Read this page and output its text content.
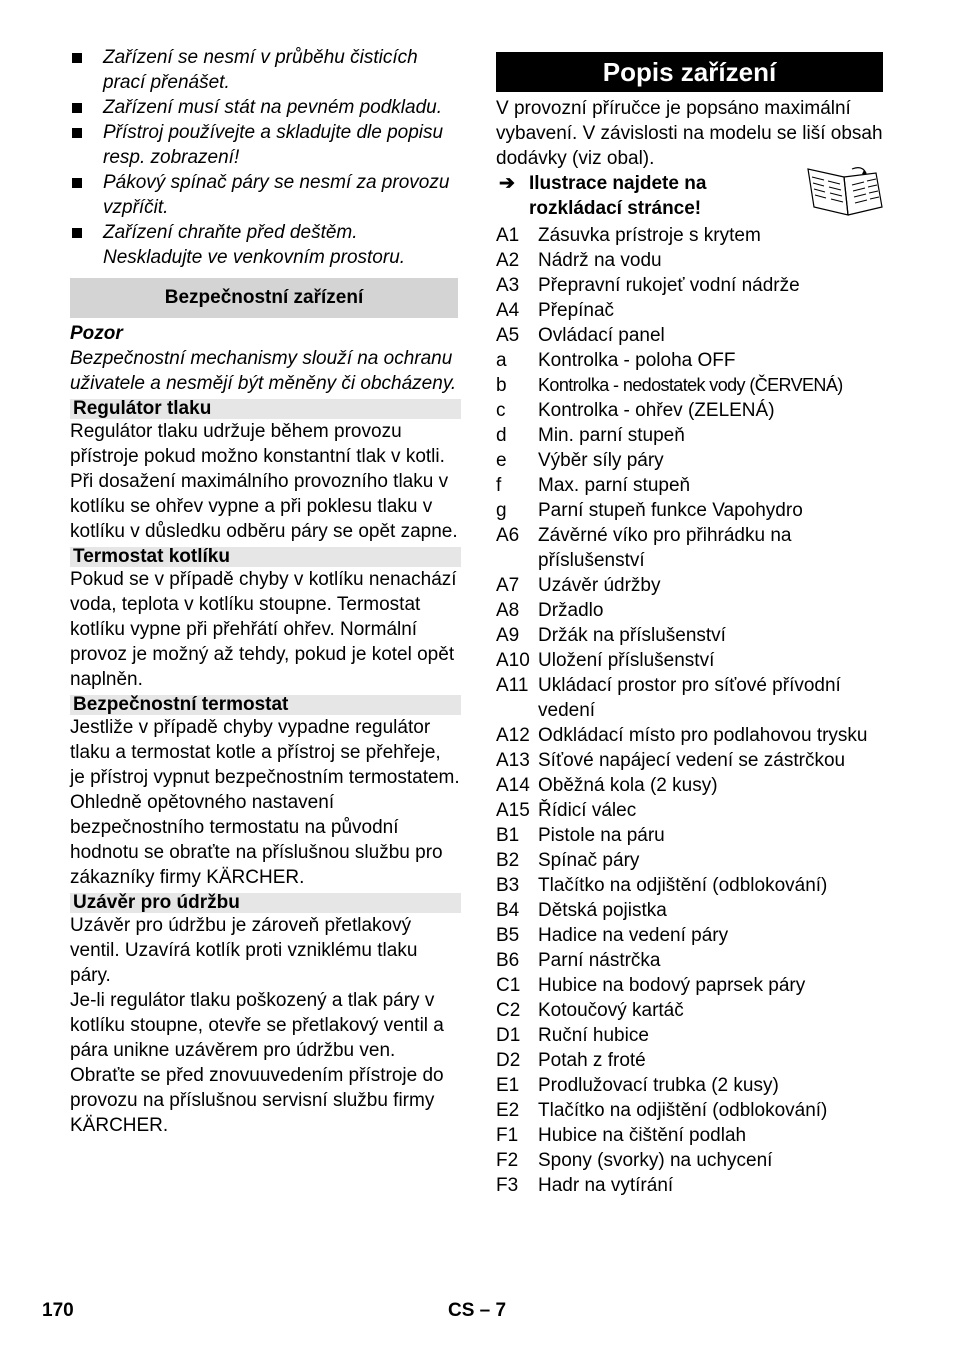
Zařízení se nesmí v průběhu čisticích prací přenášet.
Zařízení musí stát na pevném podkladu.
Přístroj používejte a skladujte dle popisu resp. zobrazení!
Pákový spínač páry se nesmí za provozu vzpříčit.
Zařízení chraňte před deštěm. Neskladujte ve venkovním prostoru.
Bezpečnostní zařízení
Pozor

Bezpečnostní mechanismy slouží na ochranu uživatele a nesmějí být měněny či obcházeny.

Regulátor tlaku

Regulátor tlaku udržuje během provozu přístroje pokud možno konstantní tlak v kotli. Při dosažení maximálního provozního tlaku v kotlíku se ohřev vypne a při poklesu tlaku v kotlíku v důsledku odběru páry se opět zapne.

Termostat kotlíku

Pokud se v případě chyby v kotlíku nenachází voda, teplota v kotlíku stoupne. Termostat kotlíku vypne při přehřátí ohřev. Normální provoz je možný až tehdy, pokud je kotel opět naplněn.

Bezpečnostní termostat

Jestliže v případě chyby vypadne regulátor tlaku a termostat kotle a přístroj se přehřeje, je přístroj vypnut bezpečnostním termostatem. Ohledně opětovného nastavení bezpečnostního termostatu na původní hodnotu se obraťte na příslušnou službu pro zákazníky firmy KÄRCHER.

Uzávěr pro údržbu

Uzávěr pro údržbu je zároveň přetlakový ventil. Uzavírá kotlík proti vzniklému tlaku páry.

Je-li regulátor tlaku poškozený a tlak páry v kotlíku stoupne, otevře se přetlakový ventil a pára unikne uzávěrem pro údržbu ven. Obraťte se před znovuuvedením přístroje do provozu na příslušnou servisní službu firmy KÄRCHER.

Popis zařízení

V provozní příručce je popsáno maximální vybavení. V závislosti na modelu se liší obsah dodávky (viz obal).

➔ Ilustrace najdete na rozkládací stránce!
A1 Zásuvka prístroje s krytem
A2 Nádrž na vodu
A3 Přepravní rukojeť vodní nádrže
A4 Přepínač
A5 Ovládací panel
a	Kontrolka - poloha OFF
b	Kontrolka - nedostatek vody (ČERVENÁ)
c	Kontrolka - ohřev (ZELENÁ)
d	Min. parní stupeň
e	Výběr síly páry
f	Max. parní stupeň
g	Parní stupeň funkce Vapohydro
A6 Závěrné víko pro přihrádku na příslušenství
A7 Uzávěr údržby
A8 Držadlo
A9 Držák na příslušenství
A10 Uložení příslušenství
A11 Ukládací prostor pro síťové přívodní vedení
A12 Odkládací místo pro podlahovou trysku
A13 Síťové napájecí vedení se zástrčkou
A14 Oběžná kola (2 kusy)
A15 Řídicí válec
B1 Pistole na páru
B2 Spínač páry
B3 Tlačítko na odjištění (odblokování)
B4 Dětská pojistka
B5 Hadice na vedení páry
B6 Parní nástrčka
C1 Hubice na bodový paprsek páry
C2 Kotoučový kartáč
D1 Ruční hubice
D2 Potah z froté
E1 Prodlužovací trubka (2 kusy)
E2 Tlačítko na odjištění (odblokování)
F1	Hubice na čištění podlah
F2	Spony (svorky) na uchycení
F3	Hadr na vytírání
170	CS – 7
